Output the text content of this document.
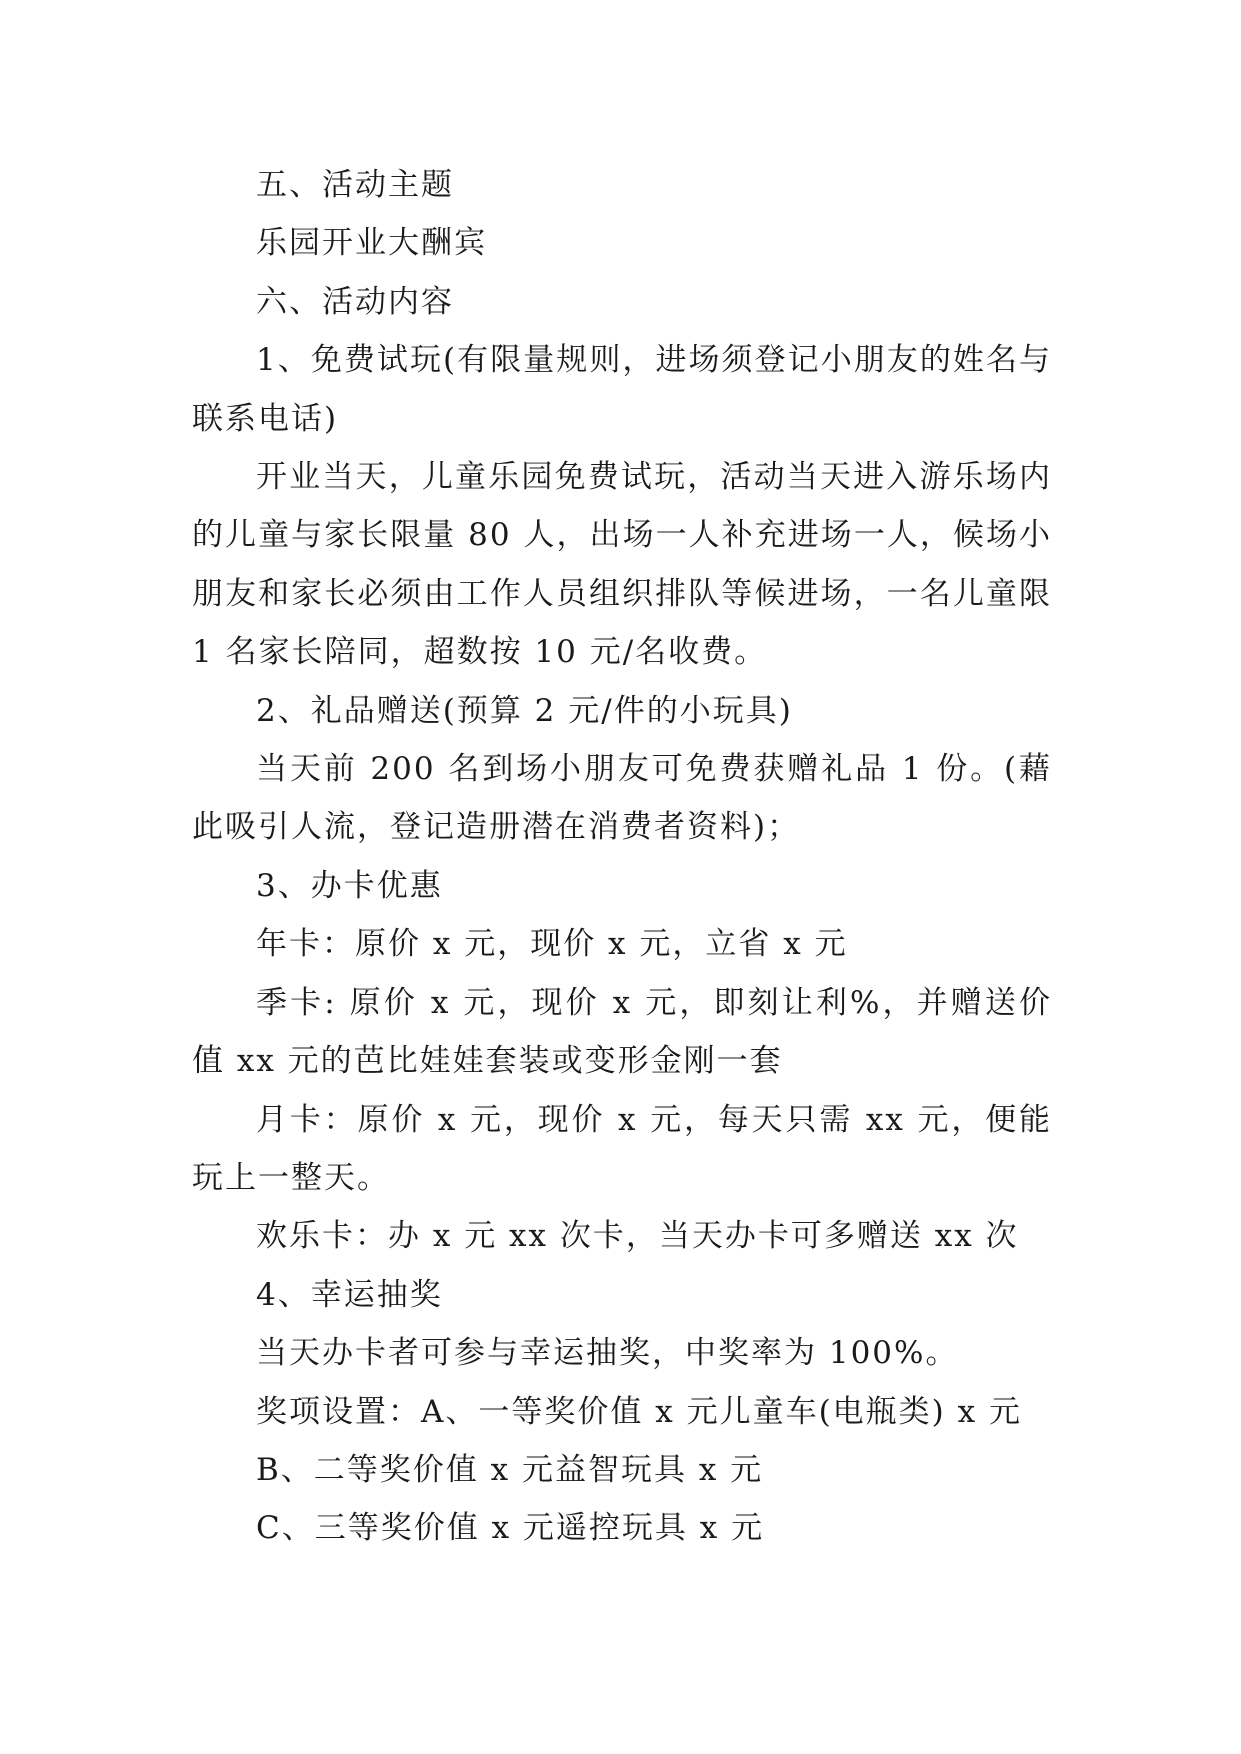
五、活动主题

乐园开业大酬宾

六、活动内容

1、免费试玩(有限量规则，进场须登记小朋友的姓名与联系电话)

开业当天，儿童乐园免费试玩，活动当天进入游乐场内的儿童与家长限量 80 人，出场一人补充进场一人，候场小朋友和家长必须由工作人员组织排队等候进场，一名儿童限 1 名家长陪同，超数按 10 元/名收费。

2、礼品赠送(预算 2 元/件的小玩具)

当天前 200 名到场小朋友可免费获赠礼品 1 份。(藉此吸引人流，登记造册潜在消费者资料)；

3、办卡优惠

年卡：原价 x 元，现价 x 元，立省 x 元

季卡: 原价 x 元，现价 x 元，即刻让利%，并赠送价值 xx 元的芭比娃娃套装或变形金刚一套

月卡：原价 x 元，现价 x 元，每天只需 xx 元，便能玩上一整天。

欢乐卡：办 x 元 xx 次卡，当天办卡可多赠送 xx 次

4、幸运抽奖

当天办卡者可参与幸运抽奖，中奖率为 100%。

奖项设置：A、一等奖价值 x 元儿童车(电瓶类) x 元

B、二等奖价值 x 元益智玩具 x 元

C、三等奖价值 x 元遥控玩具 x 元
